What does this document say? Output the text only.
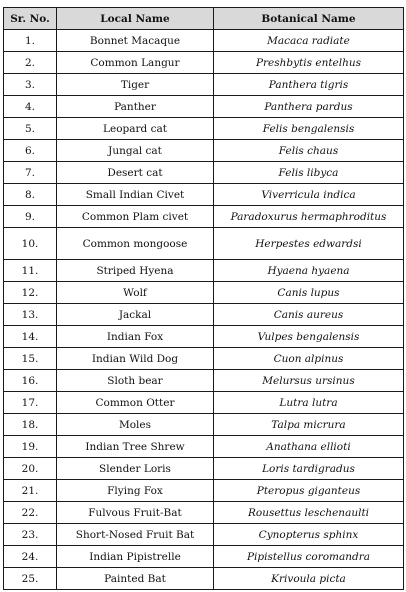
Sr. No.	Local Name	Botanical Name
1.	Bonnet Macaque	Macaca radiate
2.	Common Langur	Preshbytis entelhus
3.	Tiger	Panthera tigris
4.	Panther	Panthera pardus
5.	Leopard cat	Felis bengalensis
6.	Jungal cat	Felis chaus
7.	Desert cat	Felis libyca
8.	Small Indian Civet	Viverricula indica
9.	Common Plam civet	Paradoxurus hermaphroditus
10.	Common mongoose	Herpestes edwardsi
11.	Striped Hyena	Hyaena hyaena
12.	Wolf	Canis lupus
13.	Jackal	Canis aureus
14.	Indian Fox	Vulpes bengalensis
15.	Indian Wild Dog	Cuon alpinus
16.	Sloth bear	Melursus ursinus
17.	Common Otter	Lutra lutra
18.	Moles	Talpa micrura
19.	Indian Tree Shrew	Anathana ellioti
20.	Slender Loris	Loris tardigradus
21.	Flying Fox	Pteropus giganteus
22.	Fulvous Fruit-Bat	Rousettus leschenaulti
23.	Short-Nosed Fruit Bat	Cynopterus sphinx
24.	Indian Pipistrelle	Pipistellus coromandra
25.	Painted Bat	Krivoula picta
